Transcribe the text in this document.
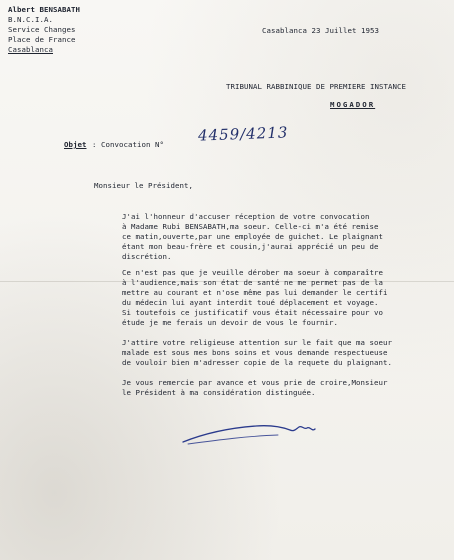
Albert BENSABATH
B.N.C.I.A.
Service Changes
Place de France
Casablanca
Casablanca 23 Juillet 1953
TRIBUNAL RABBINIQUE DE PREMIERE INSTANCE
MOGADOR
Objet : Convocation N° 4459/4213
Monsieur le Président,
J'ai l'honneur d'accuser réception de votre convocation
à Madame Rubi BENSABATH,ma soeur. Celle-ci m'a été remise
ce matin,ouverte,par une employée de guichet. Le plaignant
étant mon beau-frère et cousin,j'aurai apprécié un peu de
discrétion.
Ce n'est pas que je veuille dérober ma soeur à comparaître
à l'audience,mais son état de santé ne me permet pas de la
mettre au courant et n'ose même pas lui demander le certifi
du médecin lui ayant interdit toué déplacement et voyage.
Si toutefois ce justificatif vous était nécessaire pour vo
étude je me ferais un devoir de vous le fournir.
J'attire votre religieuse attention sur le fait que ma soeur
malade est sous mes bons soins et vous demande respectueuse
de vouloir bien m'adresser copie de la requete du plaignant.
Je vous remercie par avance et vous prie de croire,Monsieur
le Président à ma considération distinguée.
